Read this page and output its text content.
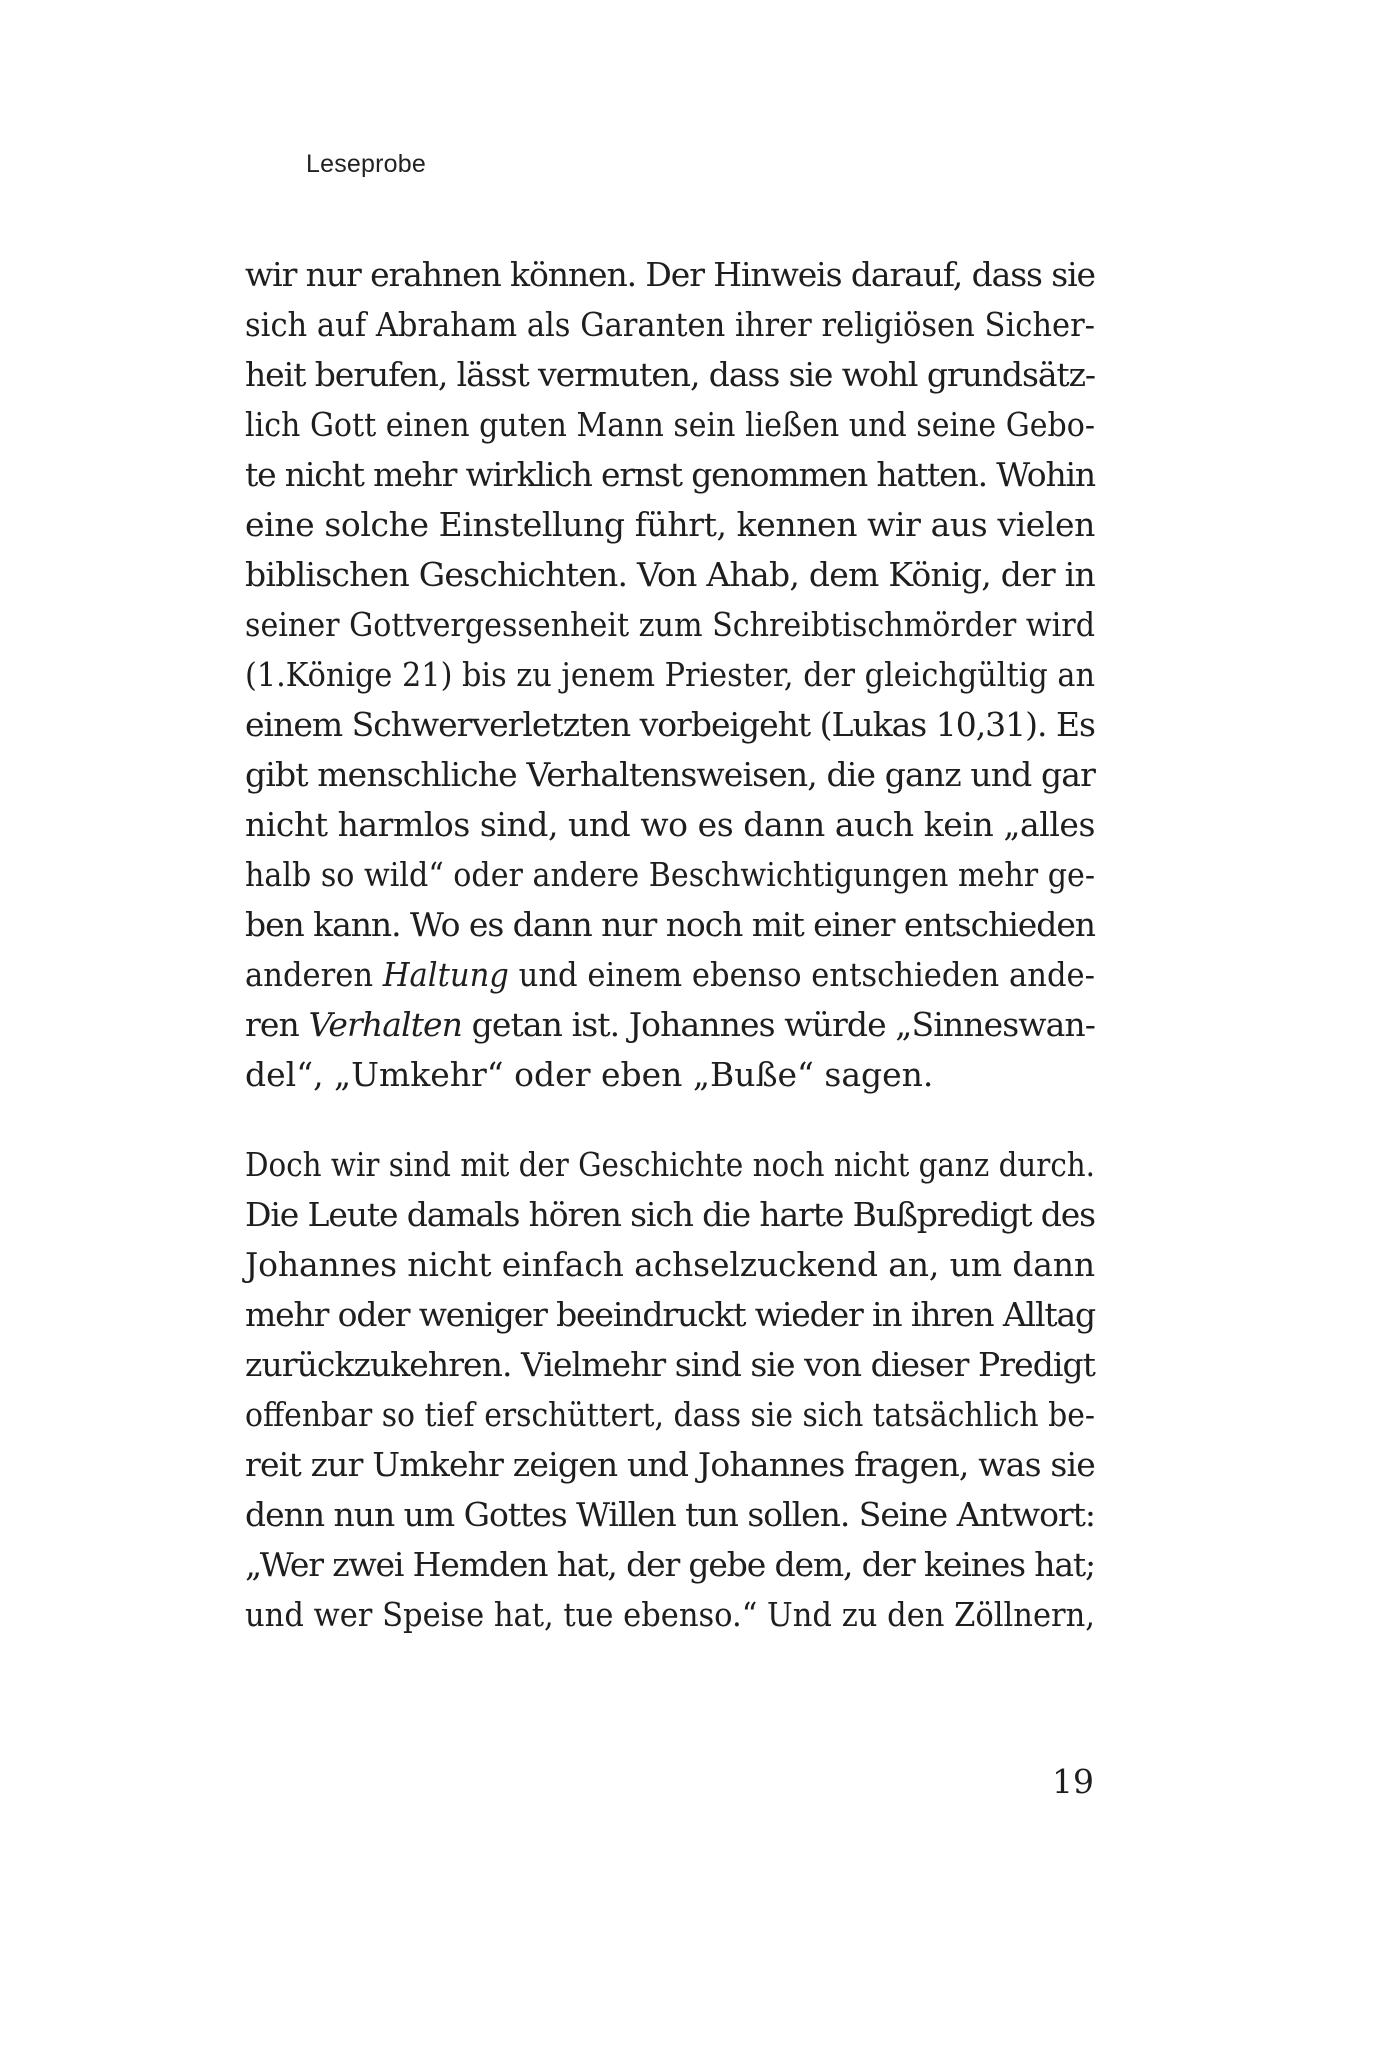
Leseprobe
wir nur erahnen können. Der Hinweis darauf, dass sie
sich auf Abraham als Garanten ihrer religiösen Sicher-
heit berufen, lässt vermuten, dass sie wohl grundsätz-
lich Gott einen guten Mann sein ließen und seine Gebo-
te nicht mehr wirklich ernst genommen hatten. Wohin
eine solche Einstellung führt, kennen wir aus vielen
biblischen Geschichten. Von Ahab, dem König, der in
seiner Gottvergessenheit zum Schreibtischmörder wird
(1.Könige 21) bis zu jenem Priester, der gleichgültig an
einem Schwerverletzten vorbeigeht (Lukas 10,31). Es
gibt menschliche Verhaltensweisen, die ganz und gar
nicht harmlos sind, und wo es dann auch kein „alles
halb so wild“ oder andere Beschwichtigungen mehr ge-
ben kann. Wo es dann nur noch mit einer entschieden
anderen Haltung und einem ebenso entschieden ande-
ren Verhalten getan ist. Johannes würde „Sinneswan-
del“, „Umkehr“ oder eben „Buße“ sagen.
Doch wir sind mit der Geschichte noch nicht ganz durch.
Die Leute damals hören sich die harte Bußpredigt des
Johannes nicht einfach achselzuckend an, um dann
mehr oder weniger beeindruckt wieder in ihren Alltag
zurückzukehren. Vielmehr sind sie von dieser Predigt
offenbar so tief erschüttert, dass sie sich tatsächlich be-
reit zur Umkehr zeigen und Johannes fragen, was sie
denn nun um Gottes Willen tun sollen. Seine Antwort:
„Wer zwei Hemden hat, der gebe dem, der keines hat;
und wer Speise hat, tue ebenso.“ Und zu den Zöllnern,
19
